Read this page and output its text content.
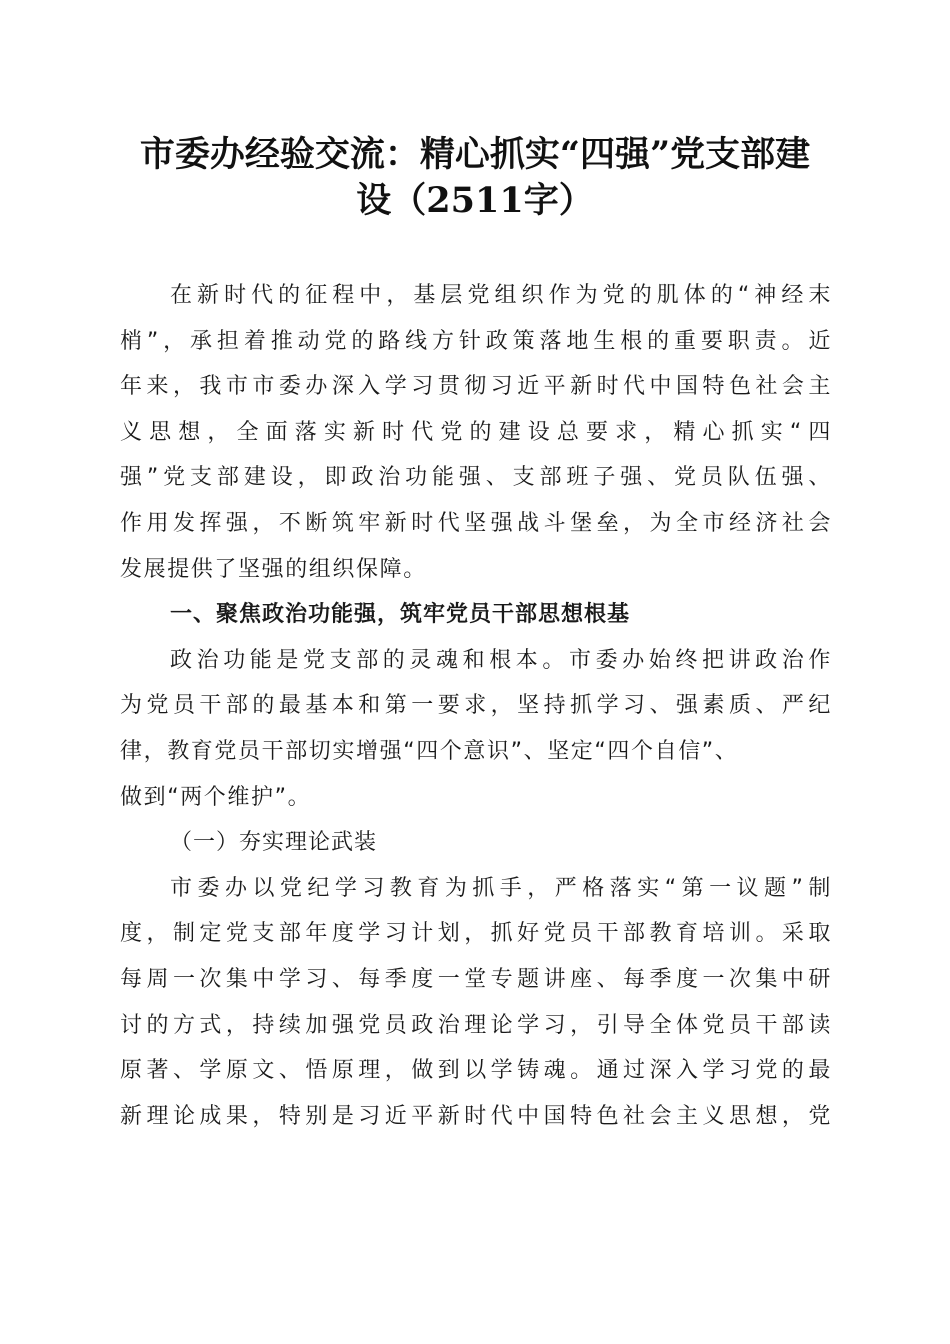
市委办经验交流：精心抓实“四强”党支部建
设（2511字）
在新时代的征程中，基层党组织作为党的肌体的“神经末
梢”，承担着推动党的路线方针政策落地生根的重要职责。近
年来，我市市委办深入学习贯彻习近平新时代中国特色社会主
义思想，全面落实新时代党的建设总要求，精心抓实“四
强”党支部建设，即政治功能强、支部班子强、党员队伍强、
作用发挥强，不断筑牢新时代坚强战斗堡垒，为全市经济社会
发展提供了坚强的组织保障。
一、聚焦政治功能强，筑牢党员干部思想根基
政治功能是党支部的灵魂和根本。市委办始终把讲政治作
为党员干部的最基本和第一要求，坚持抓学习、强素质、严纪
律，教育党员干部切实增强“四个意识”、坚定“四个自信”、
做到“两个维护”。
（一）夯实理论武装
市委办以党纪学习教育为抓手，严格落实“第一议题”制
度，制定党支部年度学习计划，抓好党员干部教育培训。采取
每周一次集中学习、每季度一堂专题讲座、每季度一次集中研
讨的方式，持续加强党员政治理论学习，引导全体党员干部读
原著、学原文、悟原理，做到以学铸魂。通过深入学习党的最
新理论成果，特别是习近平新时代中国特色社会主义思想，党
